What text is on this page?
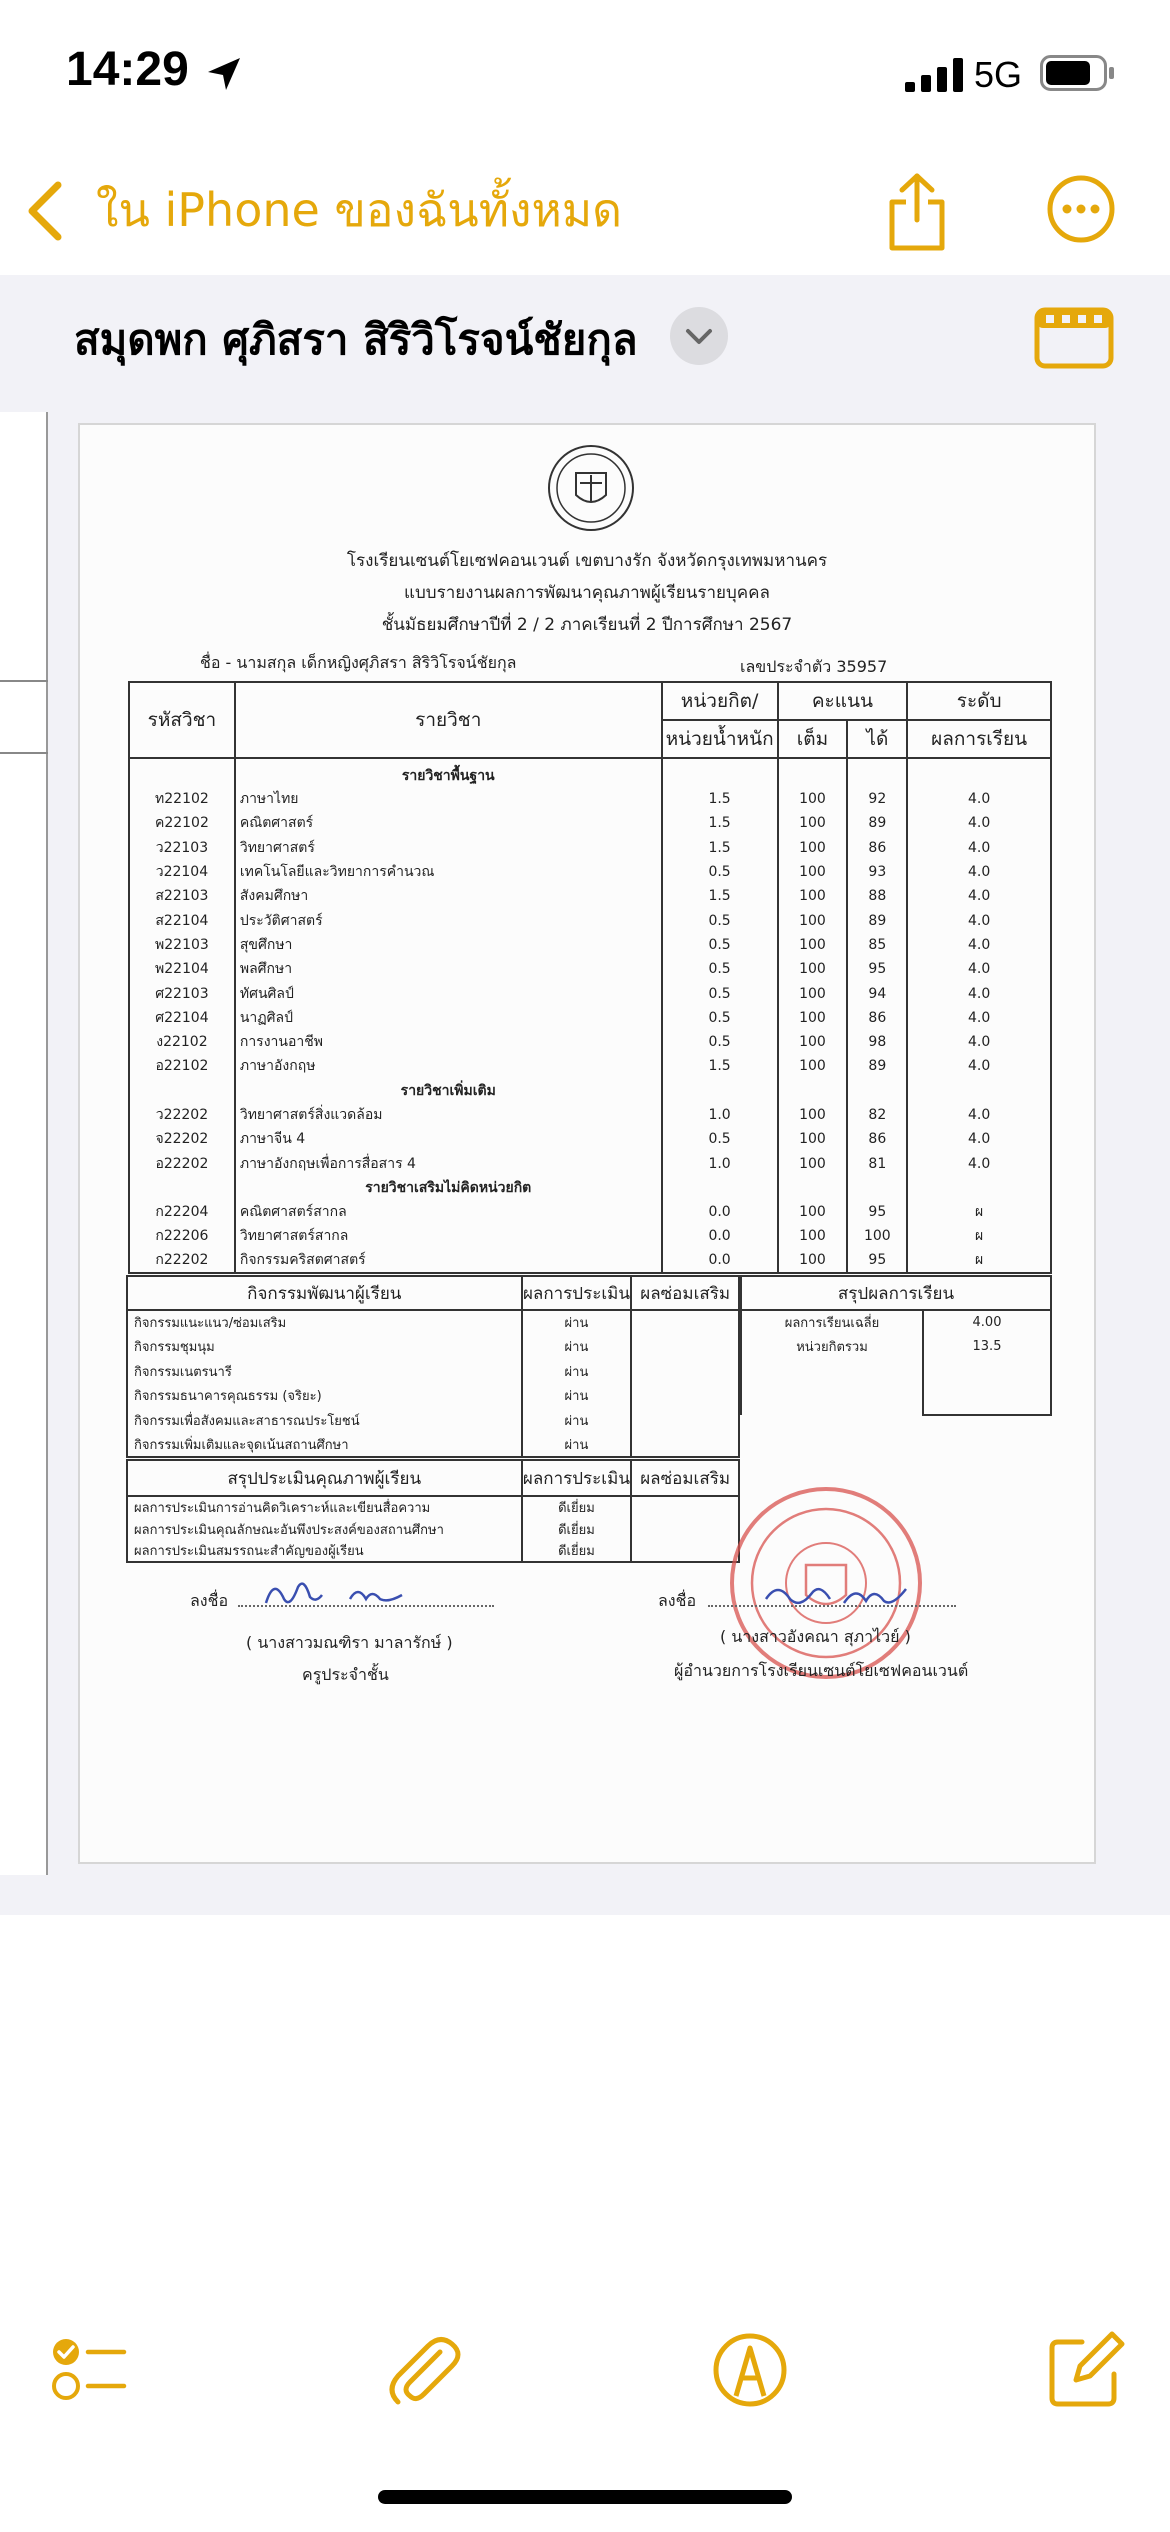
14:29	5G
ใน iPhone ของฉันทั้งหมด
สมุดพก ศุภิสรา สิริวิโรจน์ชัยกุล
โรงเรียนเซนต์โยเซฟคอนเวนต์ เขตบางรัก จังหวัดกรุงเทพมหานคร
แบบรายงานผลการพัฒนาคุณภาพผู้เรียนรายบุคคล
ชั้นมัธยมศึกษาปีที่ 2 / 2 ภาคเรียนที่ 2 ปีการศึกษา 2567
ชื่อ - นามสกุล เด็กหญิงศุภิสรา สิริวิโรจน์ชัยกุล	เลขประจำตัว 35957
รหัสวิชา	รายวิชา	หน่วยกิต/	คะแนน		ระดับ
		หน่วยน้ำหนัก	เต็ม	ได้	ผลการเรียน
	รายวิชาพื้นฐาน				
ท22102	ภาษาไทย	1.5	100	92	4.0
ค22102	คณิตศาสตร์	1.5	100	89	4.0
ว22103	วิทยาศาสตร์	1.5	100	86	4.0
ว22104	เทคโนโลยีและวิทยาการคำนวณ	0.5	100	93	4.0
ส22103	สังคมศึกษา	1.5	100	88	4.0
ส22104	ประวัติศาสตร์	0.5	100	89	4.0
พ22103	สุขศึกษา	0.5	100	85	4.0
พ22104	พลศึกษา	0.5	100	95	4.0
ศ22103	ทัศนศิลป์	0.5	100	94	4.0
ศ22104	นาฏศิลป์	0.5	100	86	4.0
ง22102	การงานอาชีพ	0.5	100	98	4.0
อ22102	ภาษาอังกฤษ	1.5	100	89	4.0
	รายวิชาเพิ่มเติม				
ว22202	วิทยาศาสตร์สิ่งแวดล้อม	1.0	100	82	4.0
จ22202	ภาษาจีน 4	0.5	100	86	4.0
อ22202	ภาษาอังกฤษเพื่อการสื่อสาร 4	1.0	100	81	4.0
	รายวิชาเสริมไม่คิดหน่วยกิต				
ก22204	คณิตศาสตร์สากล	0.0	100	95	ผ
ก22206	วิทยาศาสตร์สากล	0.0	100	100	ผ
ก22202	กิจกรรมคริสตศาสตร์	0.0	100	95	ผ
กิจกรรมพัฒนาผู้เรียน	ผลการประเมิน	ผลซ่อมเสริม
กิจกรรมแนะแนว/ซ่อมเสริม	ผ่าน	
กิจกรรมชุมนุม	ผ่าน	
กิจกรรมเนตรนารี	ผ่าน	
กิจกรรมธนาคารคุณธรรม (จริยะ)	ผ่าน	
กิจกรรมเพื่อสังคมและสาธารณประโยชน์	ผ่าน	
กิจกรรมเพิ่มเติมและจุดเน้นสถานศึกษา	ผ่าน	
สรุปผลการเรียน	
ผลการเรียนเฉลี่ย	4.00
หน่วยกิตรวม	13.5

สรุปประเมินคุณภาพผู้เรียน	ผลการประเมิน	ผลซ่อมเสริม
ผลการประเมินการอ่านคิดวิเคราะห์และเขียนสื่อความ	ดีเยี่ยม	
ผลการประเมินคุณลักษณะอันพึงประสงค์ของสถานศึกษา	ดีเยี่ยม	
ผลการประเมินสมรรถนะสำคัญของผู้เรียน	ดีเยี่ยม	
ลงชื่อ	ลงชื่อ
( นางสาวมณฑิรา มาลารักษ์ )
ครูประจำชั้น
( นางสาวอังคณา สุภาไวย์ )
ผู้อำนวยการโรงเรียนเซนต์โยเซฟคอนเวนต์
